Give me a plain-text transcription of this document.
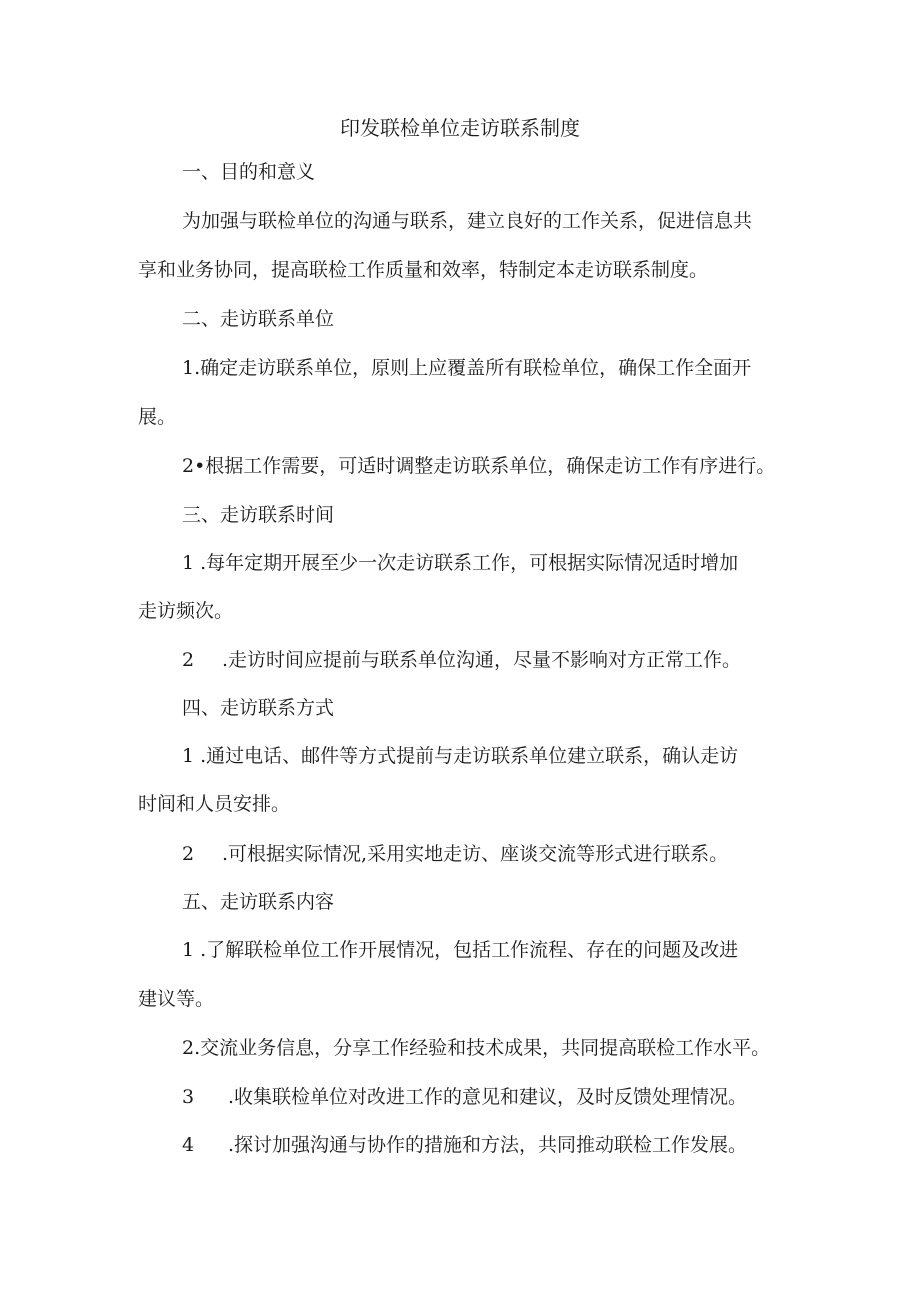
印发联检单位走访联系制度
一、目的和意义
为加强与联检单位的沟通与联系，建立良好的工作关系，促进信息共
享和业务协同，提高联检工作质量和效率，特制定本走访联系制度。
二、走访联系单位
1.确定走访联系单位，原则上应覆盖所有联检单位，确保工作全面开
展。
2•根据工作需要，可适时调整走访联系单位，确保走访工作有序进行。
三、走访联系时间
1 .每年定期开展至少一次走访联系工作，可根据实际情况适时增加
走访频次。
2 .走访时间应提前与联系单位沟通，尽量不影响对方正常工作。
四、走访联系方式
1 .通过电话、邮件等方式提前与走访联系单位建立联系，确认走访
时间和人员安排。
2 .可根据实际情况,采用实地走访、座谈交流等形式进行联系。
五、走访联系内容
1 .了解联检单位工作开展情况，包括工作流程、存在的问题及改进
建议等。
2.交流业务信息，分享工作经验和技术成果，共同提高联检工作水平。
3 .收集联检单位对改进工作的意见和建议，及时反馈处理情况。
4 .探讨加强沟通与协作的措施和方法，共同推动联检工作发展。
